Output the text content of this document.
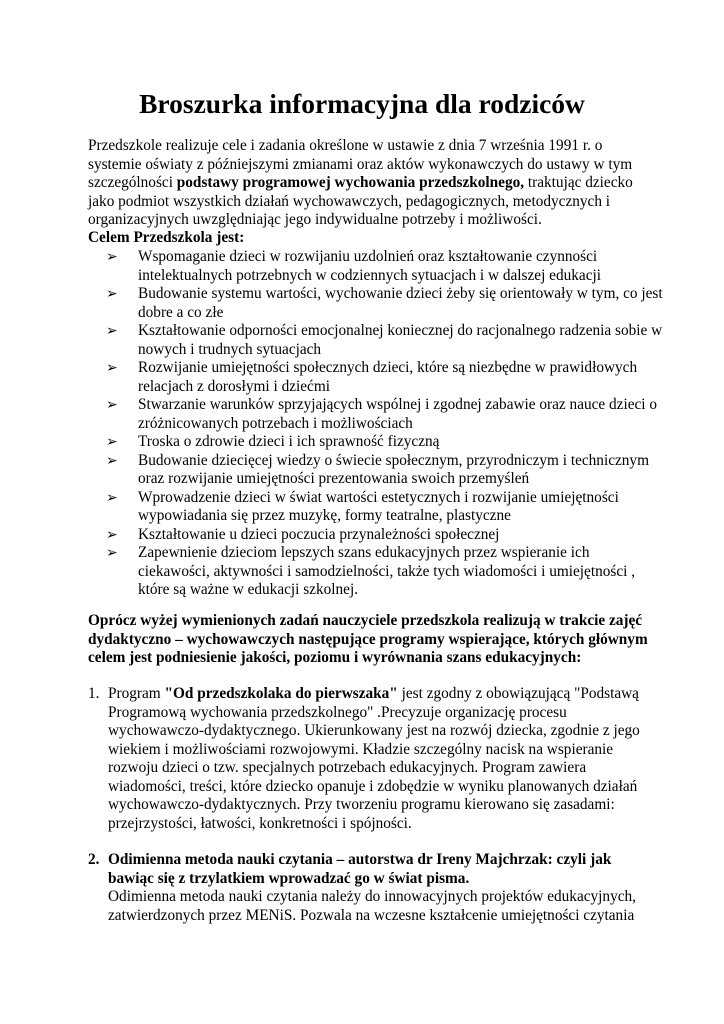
Broszurka informacyjna dla rodziców

Przedszkole realizuje cele i zadania określone w ustawie z dnia 7 września 1991 r. o systemie oświaty z późniejszymi zmianami oraz aktów wykonawczych do ustawy w tym szczególności podstawy programowej wychowania przedszkolnego, traktując dziecko jako podmiot wszystkich działań wychowawczych, pedagogicznych, metodycznych i organizacyjnych uwzględniając jego indywidualne potrzeby i możliwości.

Celem Przedszkola jest:

➢ Wspomaganie dzieci w rozwijaniu uzdolnień oraz kształtowanie czynności intelektualnych potrzebnych w codziennych sytuacjach i w dalszej edukacji
➢ Budowanie systemu wartości, wychowanie dzieci żeby się orientowały w tym, co jest dobre a co złe
➢ Kształtowanie odporności emocjonalnej koniecznej do racjonalnego radzenia sobie w nowych i trudnych sytuacjach
➢ Rozwijanie umiejętności społecznych dzieci, które są niezbędne w prawidłowych relacjach z dorosłymi i dziećmi
➢ Stwarzanie warunków sprzyjających wspólnej i zgodnej zabawie oraz nauce dzieci o zróżnicowanych potrzebach i możliwościach
➢ Troska o zdrowie dzieci i ich sprawność fizyczną
➢ Budowanie dziecięcej wiedzy o świecie społecznym, przyrodniczym i technicznym oraz rozwijanie umiejętności prezentowania swoich przemyśleń
➢ Wprowadzenie dzieci w świat wartości estetycznych i rozwijanie umiejętności wypowiadania się przez muzykę, formy teatralne, plastyczne
➢ Kształtowanie u dzieci poczucia przynależności społecznej
➢ Zapewnienie dzieciom lepszych szans edukacyjnych przez wspieranie ich ciekawości, aktywności i samodzielności, także tych wiadomości i umiejętności , które są ważne w edukacji szkolnej.

Oprócz wyżej wymienionych zadań nauczyciele przedszkola realizują w trakcie zajęć dydaktyczno – wychowawczych następujące programy wspierające, których głównym celem jest podniesienie jakości, poziomu i wyrównania szans edukacyjnych:

1. Program "Od przedszkolaka do pierwszaka" jest zgodny z obowiązującą "Podstawą Programową wychowania przedszkolnego" .Precyzuje organizację procesu wychowawczo-dydaktycznego. Ukierunkowany jest na rozwój dziecka, zgodnie z jego wiekiem i możliwościami rozwojowymi. Kładzie szczególny nacisk na wspieranie rozwoju dzieci o tzw. specjalnych potrzebach edukacyjnych. Program zawiera wiadomości, treści, które dziecko opanuje i zdobędzie w wyniku planowanych działań wychowawczo-dydaktycznych. Przy tworzeniu programu kierowano się zasadami: przejrzystości, łatwości, konkretności i spójności.
2. Odimienna metoda nauki czytania – autorstwa dr Ireny Majchrzak: czyli jak bawiąc się z trzylatkiem wprowadzać go w świat pisma.
Odimienna metoda nauki czytania należy do innowacyjnych projektów edukacyjnych, zatwierdzonych przez MENiS. Pozwala na wczesne kształcenie umiejętności czytania
